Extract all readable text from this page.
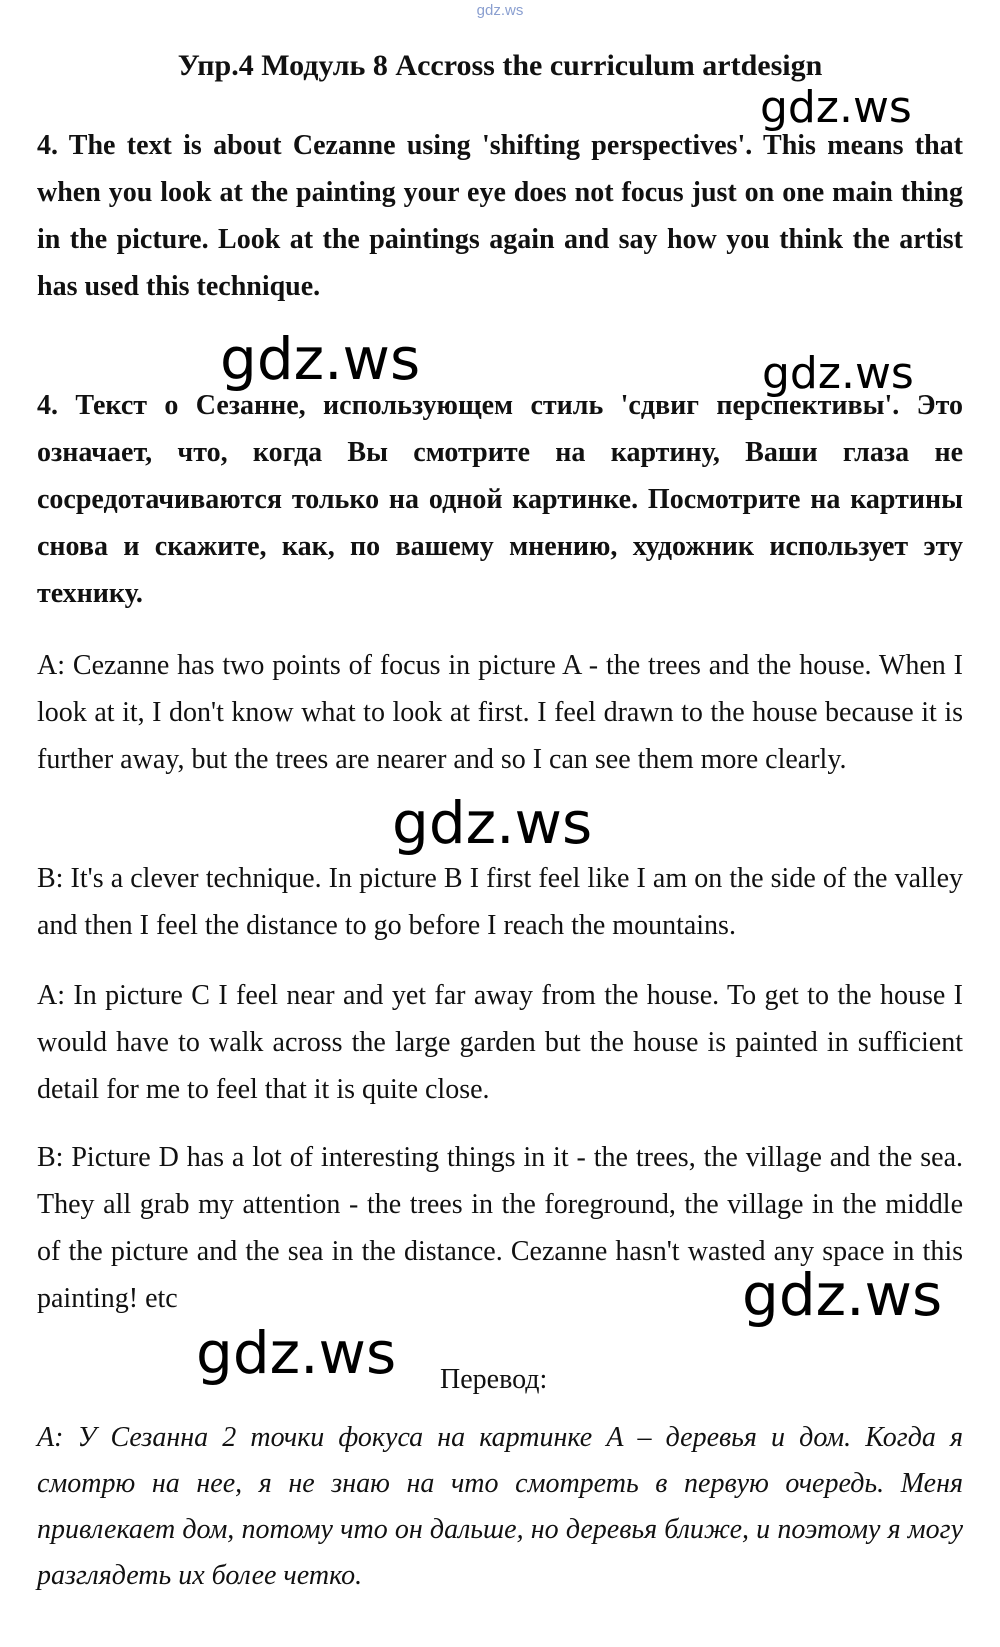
gdz.ws
Упр.4 Модуль 8 Accross the curriculum artdesign
4. The text is about Cezanne using 'shifting perspectives'. This means that when you look at the painting your eye does not focus just on one main thing in the picture. Look at the paintings again and say how you think the artist has used this technique.
4. Текст о Сезанне, использующем стиль 'сдвиг перспективы'. Это означает, что, когда Вы смотрите на картину, Ваши глаза не сосредотачиваются только на одной картинке. Посмотрите на картины снова и скажите, как, по вашему мнению, художник использует эту технику.
A: Cezanne has two points of focus in picture A - the trees and the house. When I look at it, I don't know what to look at first. I feel drawn to the house because it is further away, but the trees are nearer and so I can see them more clearly.
B: It's a clever technique. In picture B I first feel like I am on the side of the valley and then I feel the distance to go before I reach the mountains.
A: In picture C I feel near and yet far away from the house. To get to the house I would have to walk across the large garden but the house is painted in sufficient detail for me to feel that it is quite close.
B: Picture D has a lot of interesting things in it - the trees, the village and the sea. They all grab my attention - the trees in the foreground, the village in the middle of the picture and the sea in the distance. Cezanne hasn't wasted any space in this painting! etc
Перевод:
А: У Сезанна 2 точки фокуса на картинке А – деревья и дом. Когда я смотрю на нее, я не знаю на что смотреть в первую очередь. Меня привлекает дом, потому что он дальше, но деревья ближе, и поэтому я могу разглядеть их более четко.
gdz.ws
gdz.ws	gdz.ws
gdz.ws
gdz.ws
gdz.ws
